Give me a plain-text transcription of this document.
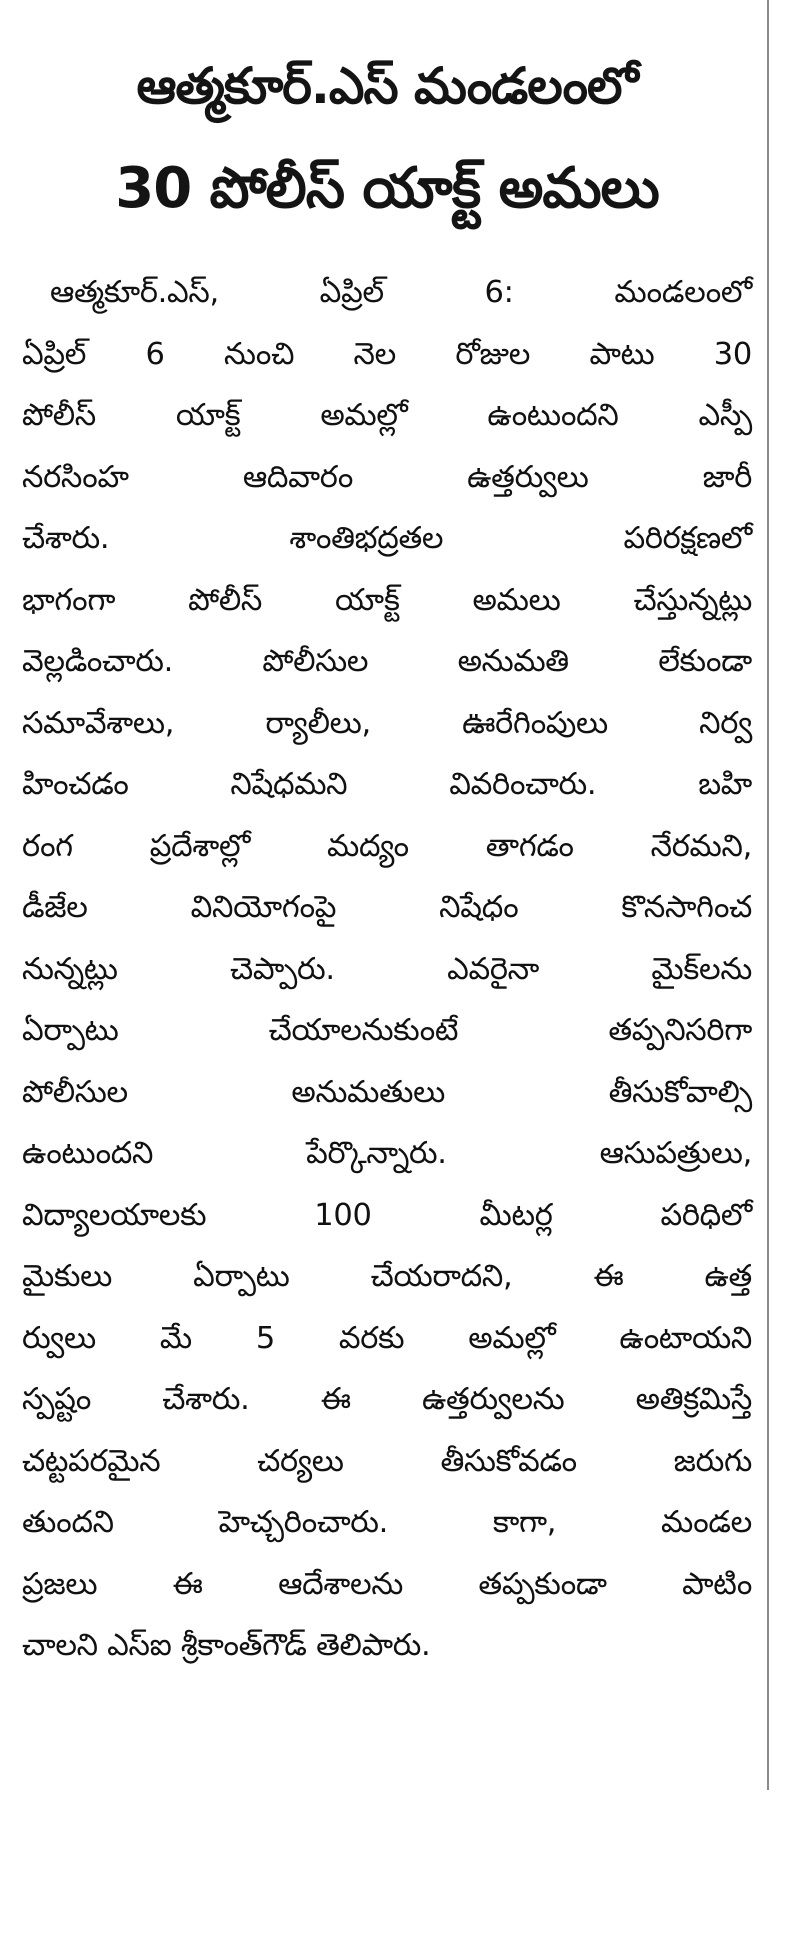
ఆత్మకూర్.ఎస్ మండలంలో
30 పోలీస్ యాక్ట్ అమలు
ఆత్మకూర్.ఎస్, ఏప్రిల్ 6: మండలంలో
ఏప్రిల్ 6 నుంచి నెల రోజుల పాటు 30
పోలీస్ యాక్ట్ అమల్లో ఉంటుందని ఎస్పీ
నరసింహ ఆదివారం ఉత్తర్వులు జారీ
చేశారు. శాంతిభద్రతల పరిరక్షణలో
భాగంగా పోలీస్ యాక్ట్ అమలు చేస్తున్నట్లు
వెల్లడించారు. పోలీసుల అనుమతి లేకుండా
సమావేశాలు, ర్యాలీలు, ఊరేగింపులు నిర్వ
హించడం నిషేధమని వివరించారు. బహి
రంగ ప్రదేశాల్లో మద్యం తాగడం నేరమని,
డీజేల వినియోగంపై నిషేధం కొనసాగించ
నున్నట్లు చెప్పారు. ఎవరైనా మైక్‌లను
ఏర్పాటు చేయాలనుకుంటే తప్పనిసరిగా
పోలీసుల అనుమతులు తీసుకోవాల్సి
ఉంటుందని పేర్కొన్నారు. ఆసుపత్రులు,
విద్యాలయాలకు 100 మీటర్ల పరిధిలో
మైకులు ఏర్పాటు చేయరాదని, ఈ ఉత్త
ర్వులు మే 5 వరకు అమల్లో ఉంటాయని
స్పష్టం చేశారు. ఈ ఉత్తర్వులను అతిక్రమిస్తే
చట్టపరమైన చర్యలు తీసుకోవడం జరుగు
తుందని హెచ్చరించారు. కాగా, మండల
ప్రజలు ఈ ఆదేశాలను తప్పకుండా పాటిం
చాలని ఎస్ఐ శ్రీకాంత్‌గౌడ్ తెలిపారు.
